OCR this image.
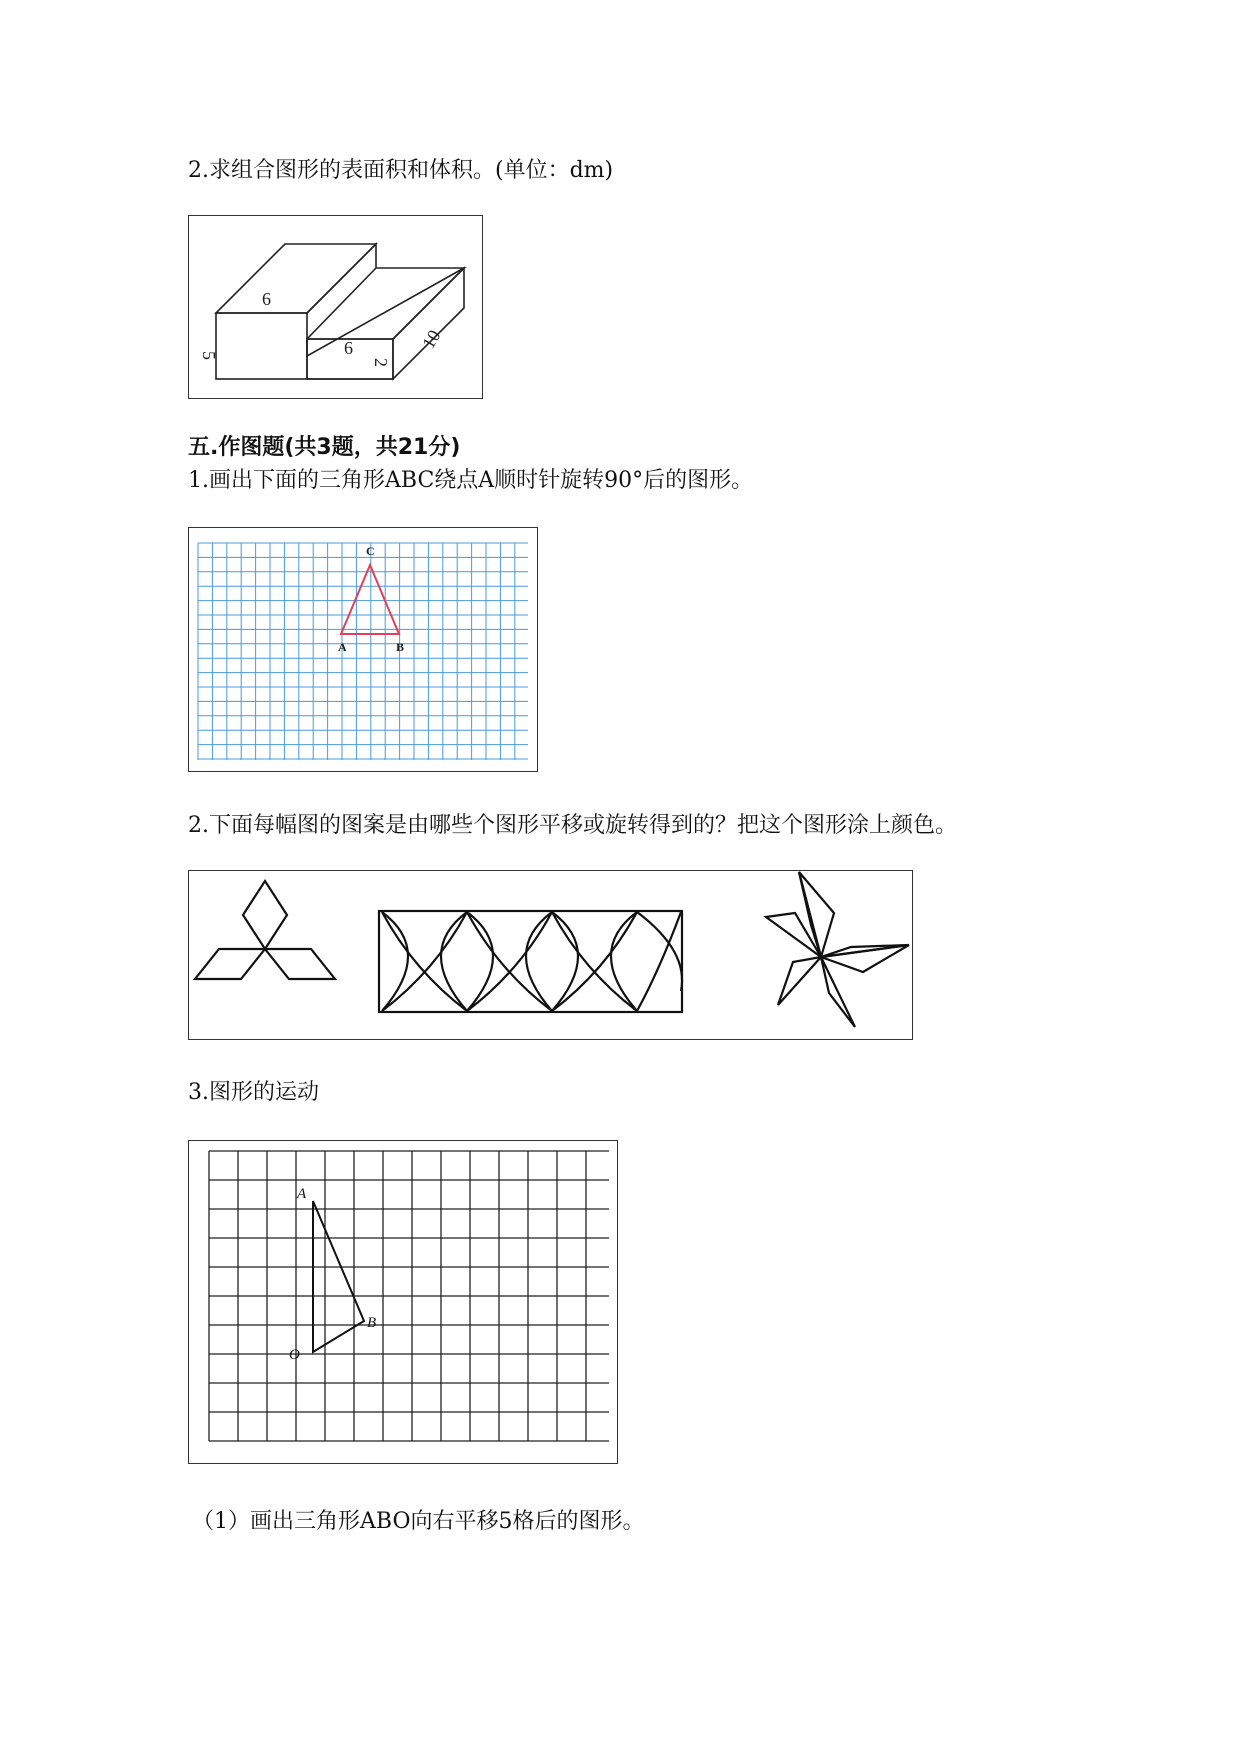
2.求组合图形的表面积和体积。(单位：dm)
6
5	6
2
10
五.作图题(共3题，共21分)
1.画出下面的三角形ABC绕点A顺时针旋转90°后的图形。
A	B
C
2.下面每幅图的图案是由哪些个图形平移或旋转得到的？把这个图形涂上颜色。
3.图形的运动
A
B
O
（1）画出三角形ABO向右平移5格后的图形。
